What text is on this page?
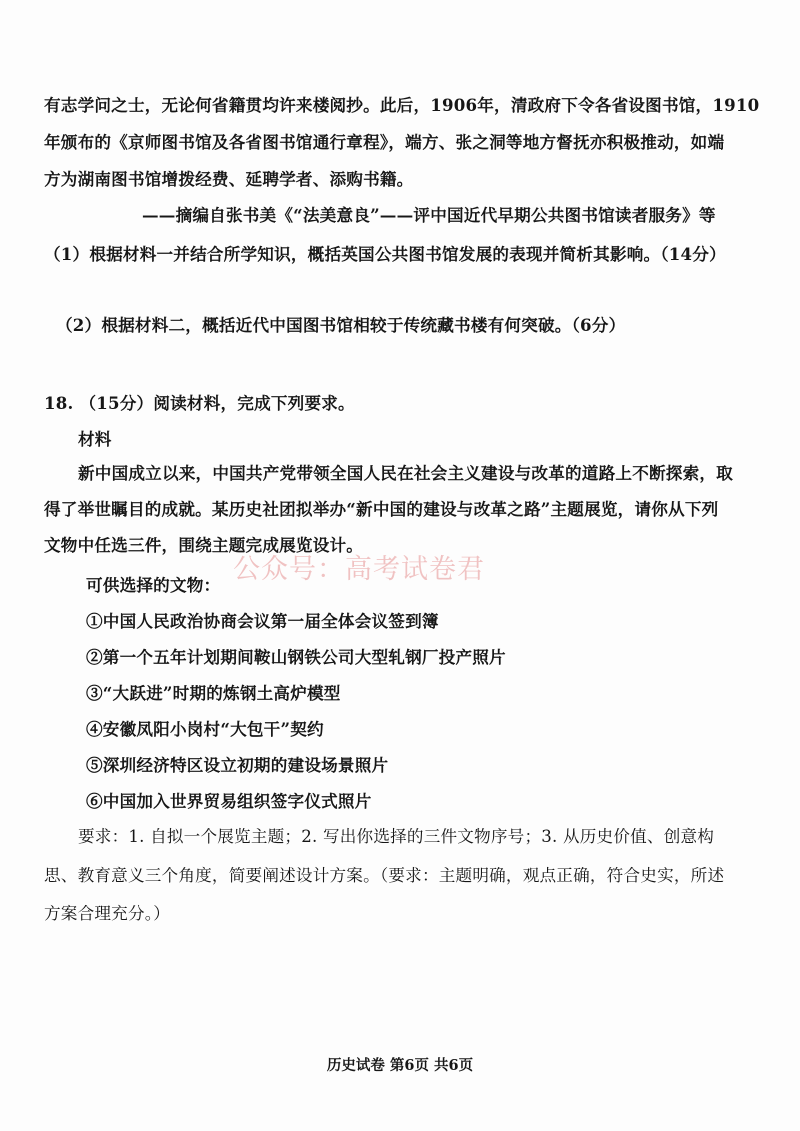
有志学问之士，无论何省籍贯均许来楼阅抄。此后，1906年，清政府下令各省设图书馆，1910
年颁布的《京师图书馆及各省图书馆通行章程》，端方、张之洞等地方督抚亦积极推动，如端
方为湖南图书馆增拨经费、延聘学者、添购书籍。
——摘编自张书美《“法美意良”——评中国近代早期公共图书馆读者服务》等
（1）根据材料一并结合所学知识，概括英国公共图书馆发展的表现并简析其影响。（14分）
（2）根据材料二，概括近代中国图书馆相较于传统藏书楼有何突破。（6分）
18. （15分）阅读材料，完成下列要求。
材料
新中国成立以来，中国共产党带领全国人民在社会主义建设与改革的道路上不断探索，取
得了举世瞩目的成就。某历史社团拟举办“新中国的建设与改革之路”主题展览，请你从下列
文物中任选三件，围绕主题完成展览设计。
公众号：高考试卷君
可供选择的文物：
①中国人民政治协商会议第一届全体会议签到簿
②第一个五年计划期间鞍山钢铁公司大型轧钢厂投产照片
③“大跃进”时期的炼钢土高炉模型
④安徽凤阳小岗村“大包干”契约
⑤深圳经济特区设立初期的建设场景照片
⑥中国加入世界贸易组织签字仪式照片
要求：1. 自拟一个展览主题；2. 写出你选择的三件文物序号；3. 从历史价值、创意构
思、教育意义三个角度，简要阐述设计方案。（要求：主题明确，观点正确，符合史实，所述
方案合理充分。）
历史试卷 第6页 共6页
